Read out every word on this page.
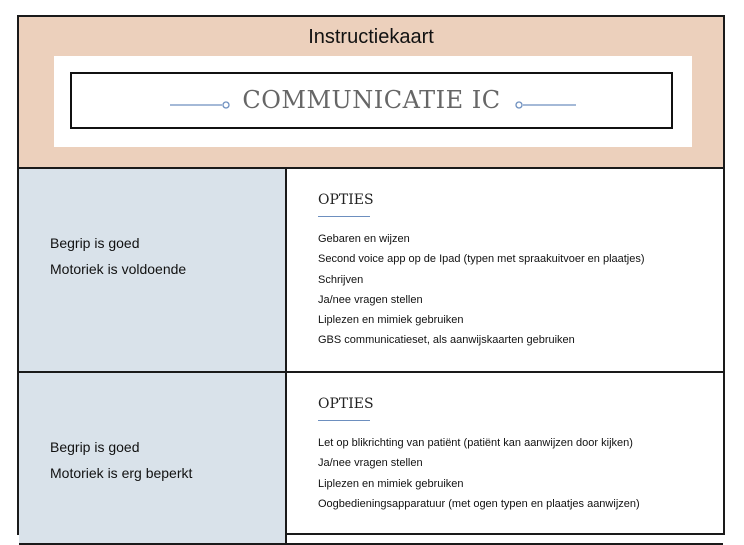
Instructiekaart
COMMUNICATIE IC
Begrip is goed
Motoriek is voldoende
OPTIES
Gebaren en wijzen
Second voice app op de Ipad (typen met spraakuitvoer en plaatjes)
Schrijven
Ja/nee vragen stellen
Liplezen en mimiek gebruiken
GBS communicatieset, als aanwijskaarten gebruiken
Begrip is goed
Motoriek is erg beperkt
OPTIES
Let op blikrichting van patiënt (patiënt kan aanwijzen door kijken)
Ja/nee vragen stellen
Liplezen en mimiek gebruiken
Oogbedieningsapparatuur (met ogen typen en plaatjes aanwijzen)
